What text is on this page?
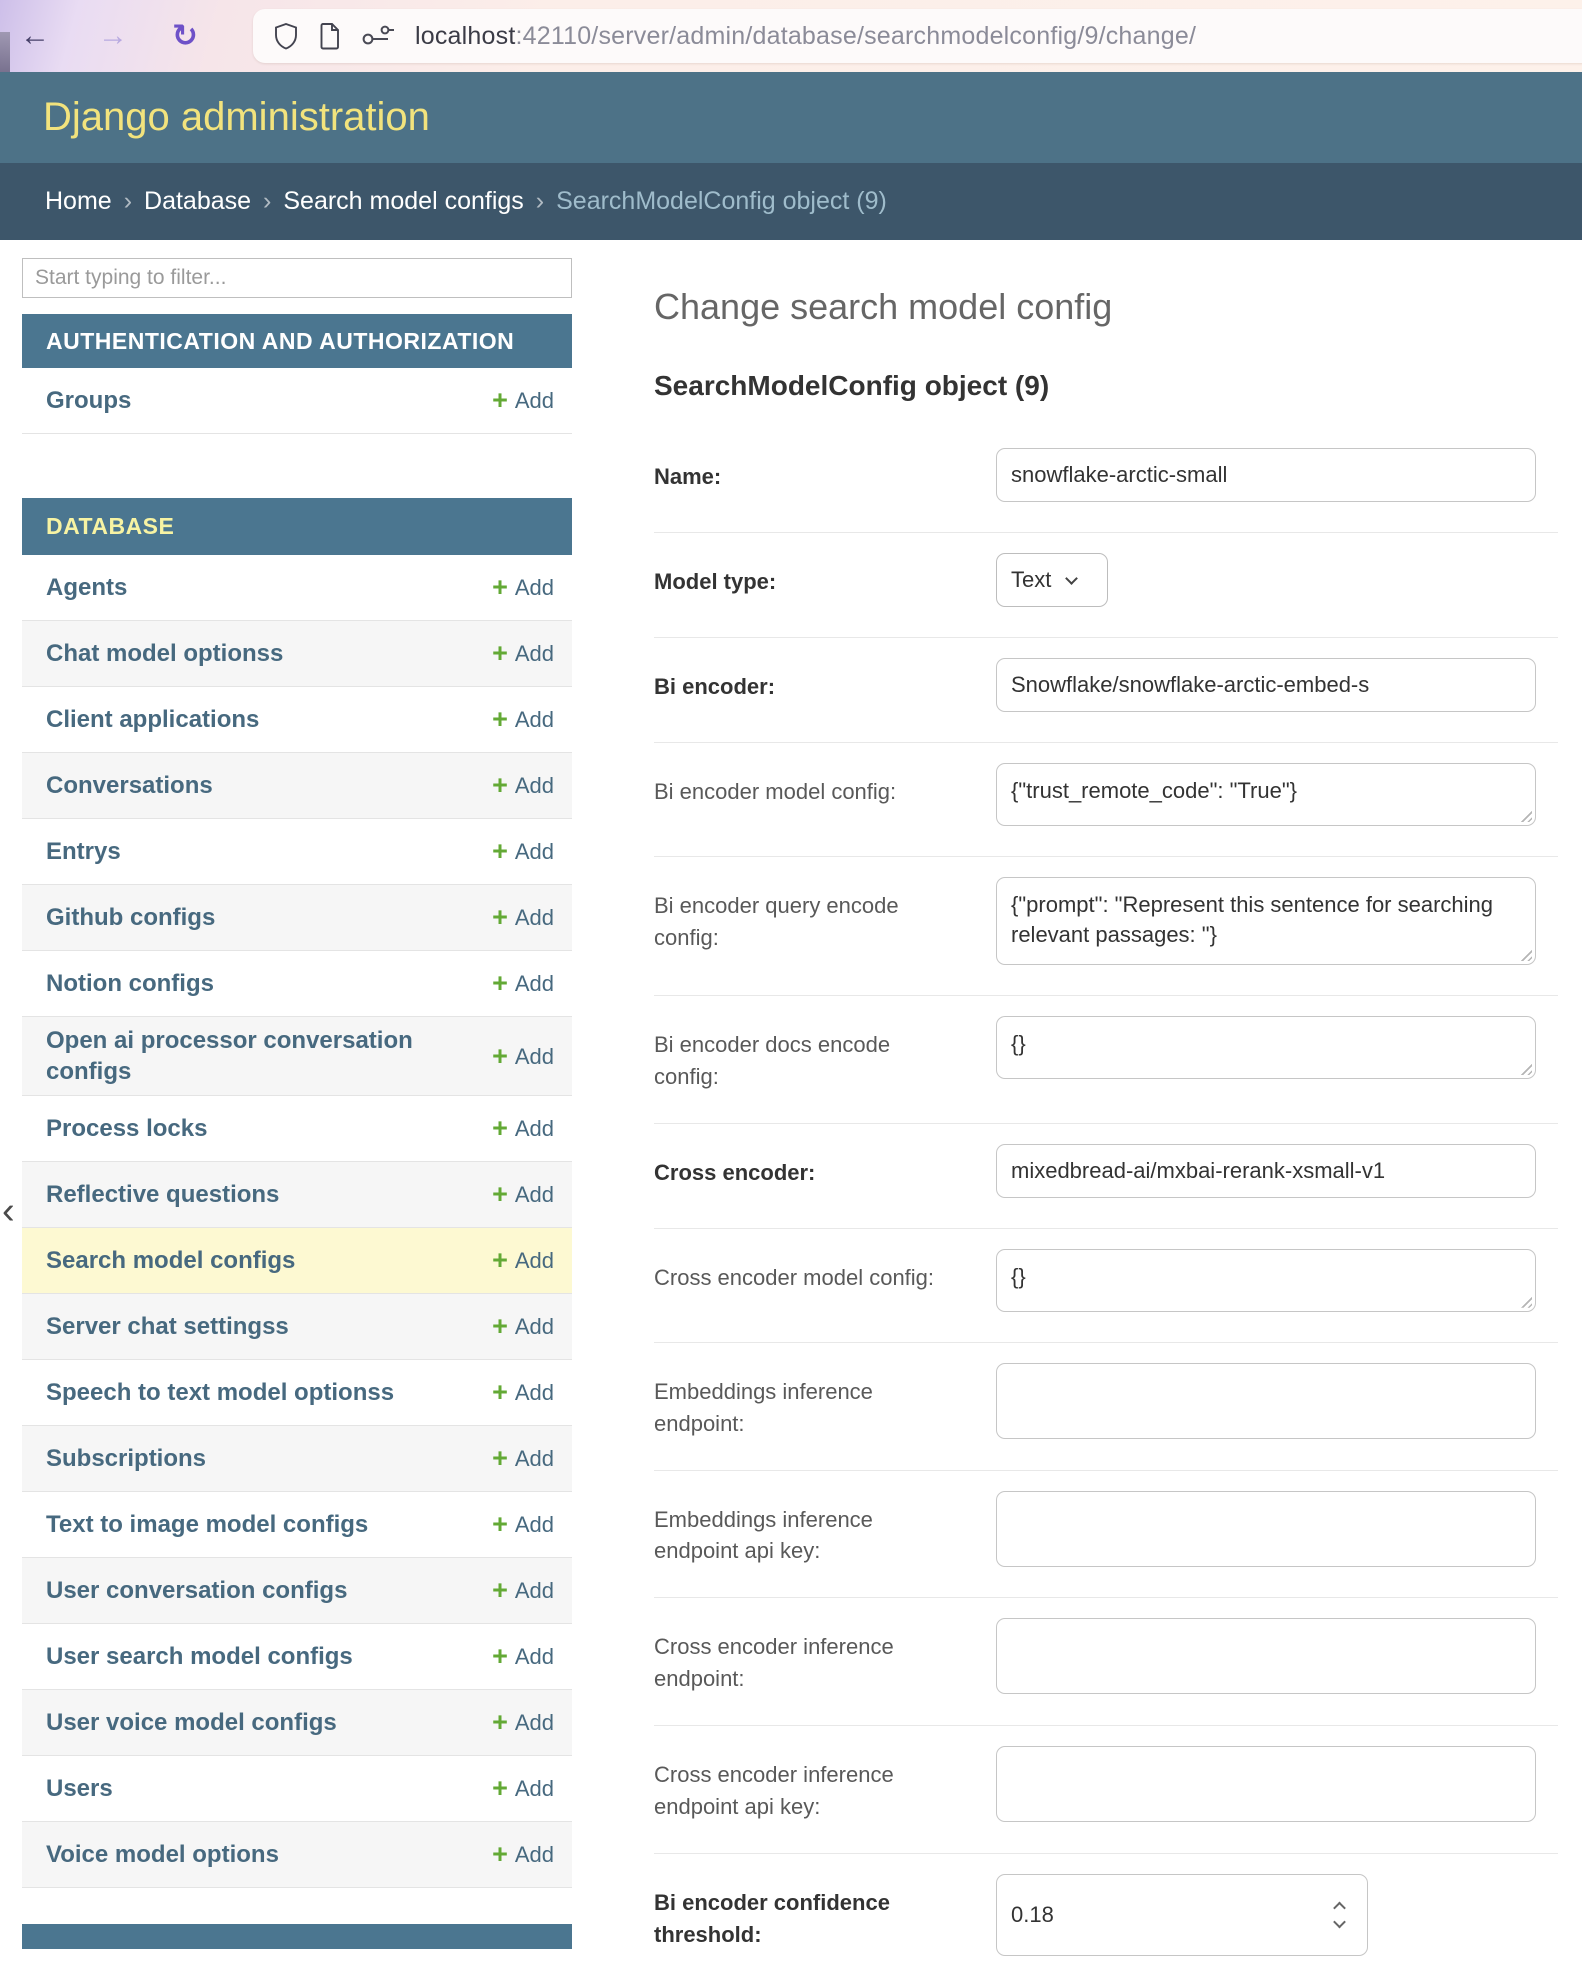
← → ↻	localhost:42110/server/admin/database/searchmodelconfig/9/change/
Django administration
Home › Database › Search model configs › SearchModelConfig object (9)
Start typing to filter...
AUTHENTICATION AND AUTHORIZATION
Groups	+ Add
DATABASE
Agents	+ Add
Chat model optionss	+ Add
Client applications	+ Add
Conversations	+ Add
Entrys	+ Add
Github configs	+ Add
Notion configs	+ Add
Open ai processor conversation configs
+ Add
Process locks	+ Add
Reflective questions	+ Add
Search model configs	+ Add
Server chat settingss	+ Add
Speech to text model optionss	+ Add
Subscriptions	+ Add
Text to image model configs	+ Add
User conversation configs	+ Add
User search model configs	+ Add
User voice model configs	+ Add
Users	+ Add
Voice model options	+ Add
Change search model config
SearchModelConfig object (9)
Name:	snowflake-arctic-small
Model type:	Text
Bi encoder:	Snowflake/snowflake-arctic-embed-s
Bi encoder model config:	{"trust_remote_code": "True"}
Bi encoder query encode config:
{"prompt": "Represent this sentence for searching relevant passages: "}
Bi encoder docs encode config:
{}
Cross encoder:	mixedbread-ai/mxbai-rerank-xsmall-v1
Cross encoder model config:	{}
Embeddings inference endpoint:
Embeddings inference endpoint api key:
Cross encoder inference endpoint:
Cross encoder inference endpoint api key:
Bi encoder confidence threshold:
0.18
‹
